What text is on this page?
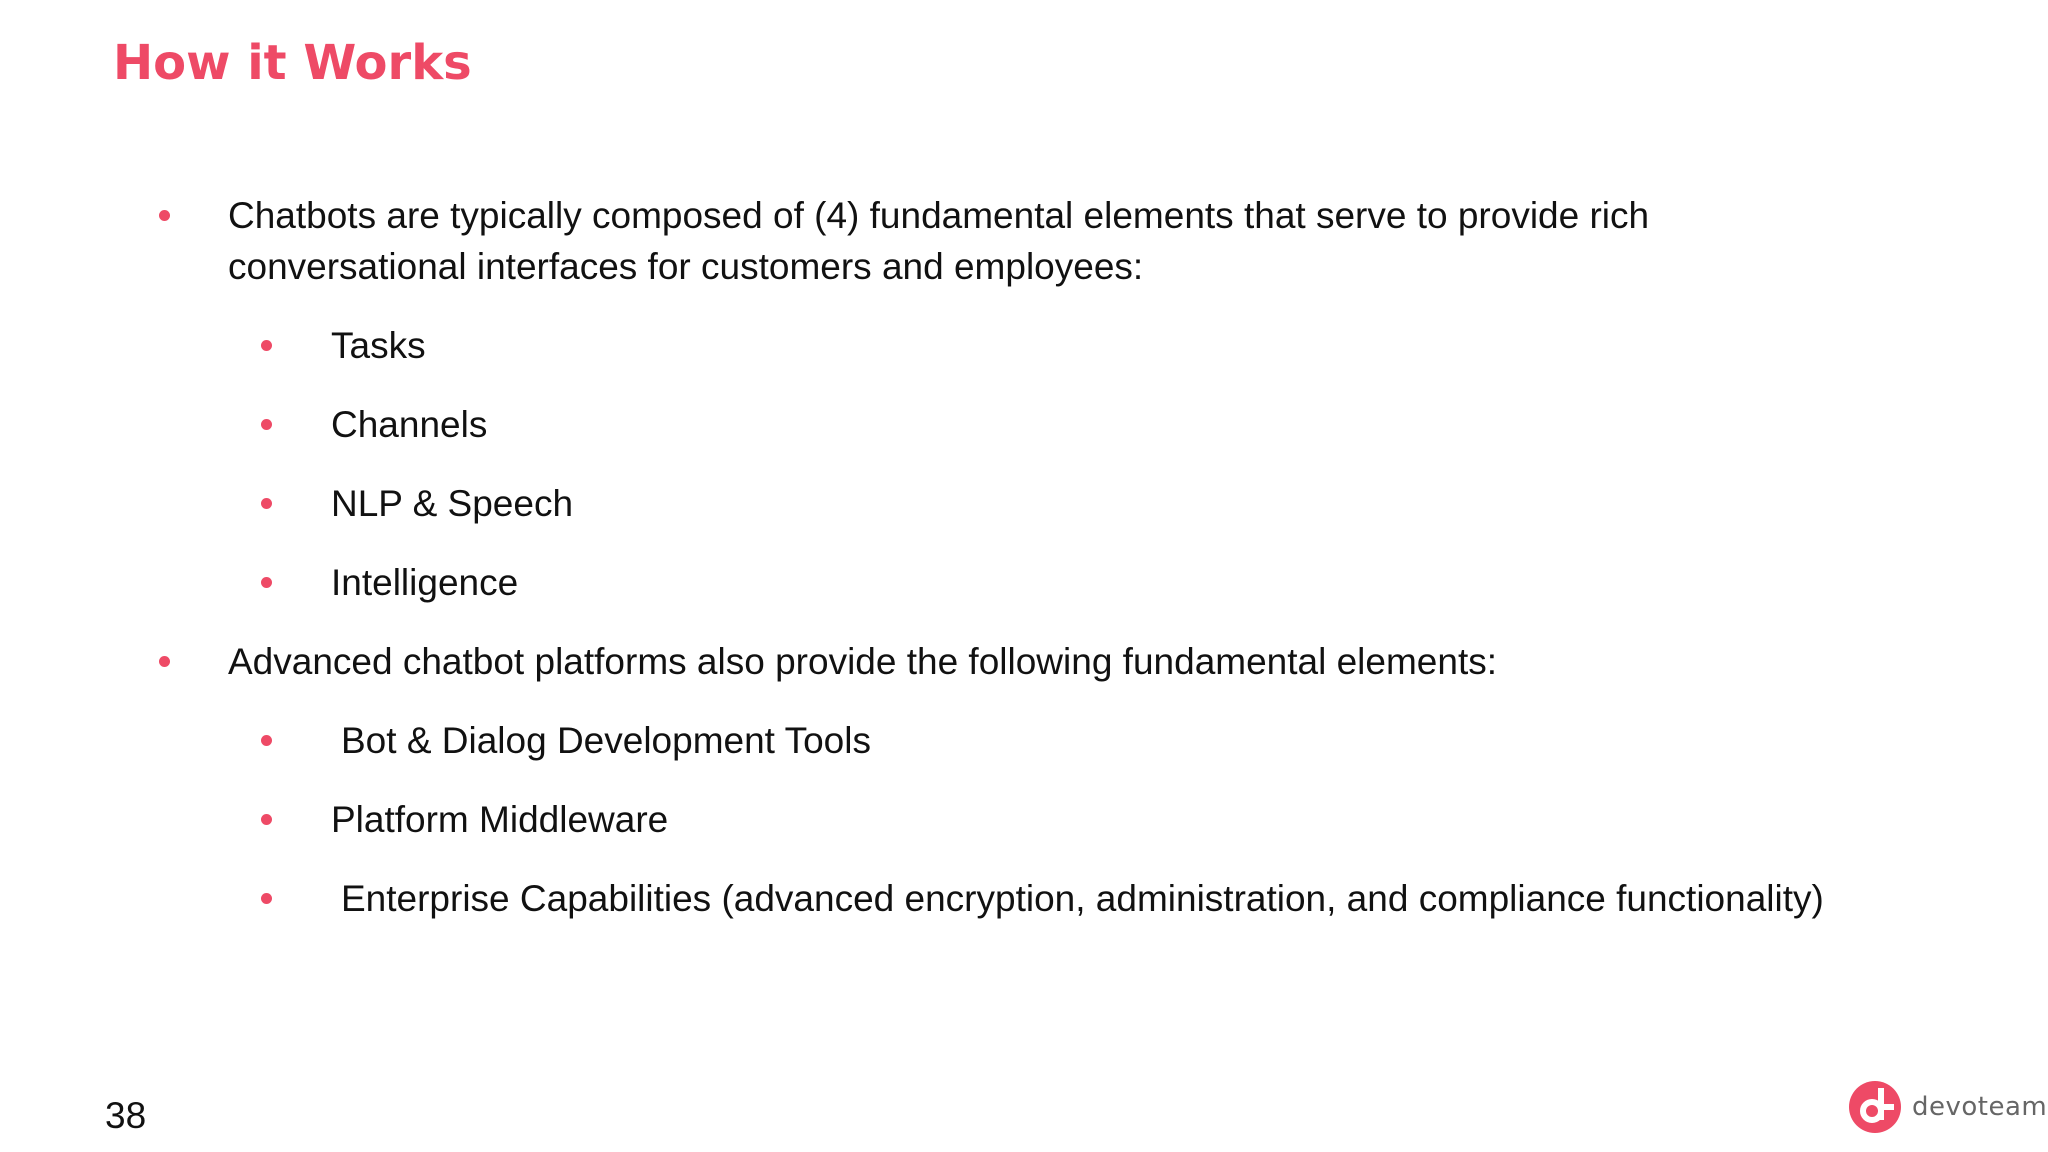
How it Works
Chatbots are typically composed of (4) fundamental elements that serve to provide rich
conversational interfaces for customers and employees:
Tasks
Channels
NLP & Speech
Intelligence
Advanced chatbot platforms also provide the following fundamental elements:
Bot & Dialog Development Tools
Platform Middleware
Enterprise Capabilities (advanced encryption, administration, and compliance functionality)
38	devoteam
